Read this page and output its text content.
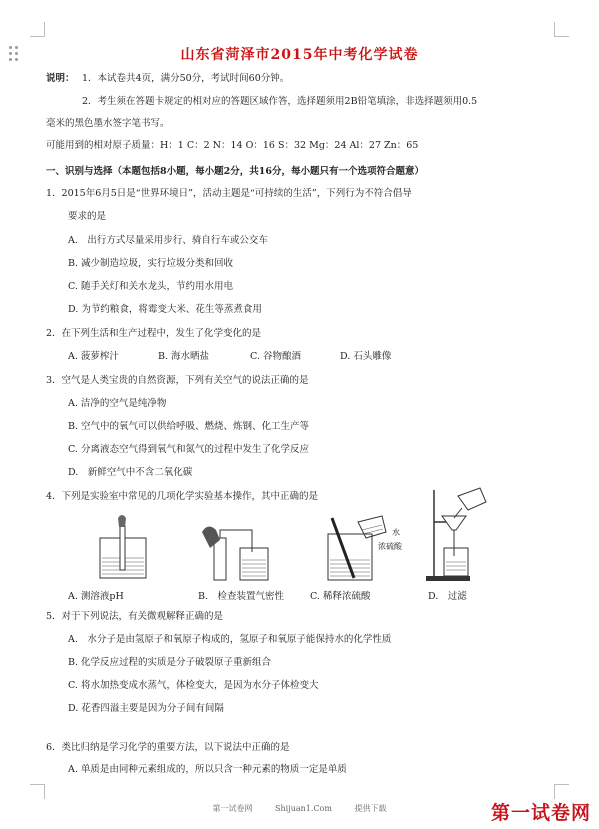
山东省菏泽市2015年中考化学试卷
说明： 1．本试卷共4页，满分50分，考试时间60分钟。
2．考生须在答题卡规定的相对应的答题区域作答，选择题须用2B铅笔填涂，非选择题须用0.5
毫米的黑色墨水签字笔书写。
可能用到的相对原子质量：H：1 C：2 N：14 O：16 S：32 Mg：24 Al：27 Zn：65
一、识别与选择（本题包括8小题，每小题2分，共16分，每小题只有一个选项符合题意）
1．2015年6月5日是“世界环境日”，活动主题是“可持续的生活”，下列行为不符合倡导
要求的是
A.　出行方式尽量采用步行、骑自行车或公交车
B. 减少制造垃圾，实行垃圾分类和回收
C. 随手关灯和关水龙头，节约用水用电
D. 为节约粮食，将霉变大米、花生等蒸煮食用
2．在下列生活和生产过程中，发生了化学变化的是
A. 菠萝榨汁	B. 海水晒盐	C. 谷物酿酒	D. 石头雕像
3．空气是人类宝贵的自然资源，下列有关空气的说法正确的是
A. 洁净的空气是纯净物
B. 空气中的氧气可以供给呼吸、燃烧、炼钢、化工生产等
C. 分离液态空气得到氧气和氮气的过程中发生了化学反应
D.　新鲜空气中不含二氧化碳
4．下列是实验室中常见的几项化学实验基本操作，其中正确的是
水
浓硫酸
A. 测溶液pH	B.　检查装置气密性	C. 稀释浓硫酸	D.　过滤
5．对于下列说法，有关微观解释正确的是
A.　水分子是由氢原子和氧原子构成的，氢原子和氧原子能保持水的化学性质
B. 化学反应过程的实质是分子破裂原子重新组合
C. 将水加热变成水蒸气，体检变大，是因为水分子体检变大
D. 花香四溢主要是因为分子间有间隔
6．类比归纳是学习化学的重要方法，以下说法中正确的是
A. 单质是由同种元素组成的，所以只含一种元素的物质一定是单质
第一试卷网	Shijuan1.Com	提供下载	第一试卷网
